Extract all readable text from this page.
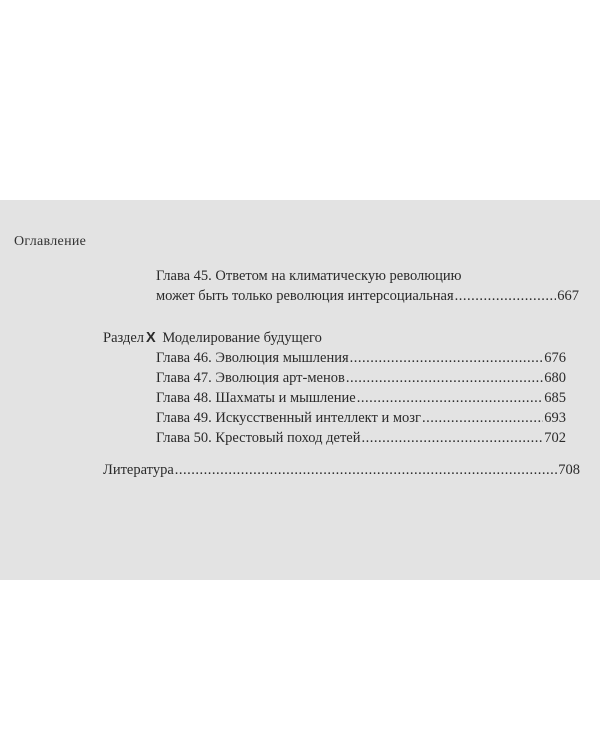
Оглавление
Глава 45. Ответом на климатическую революцию
может быть только революция интерсоциальная .....	667
Раздел X Моделирование будущего
Глава 46. Эволюция мышления .....	676
Глава 47. Эволюция арт-менов .....	680
Глава 48. Шахматы и мышление .....	685
Глава 49. Искусственный интеллект и мозг .....	693
Глава 50. Крестовый поход детей .....	702
Литература .....	708
